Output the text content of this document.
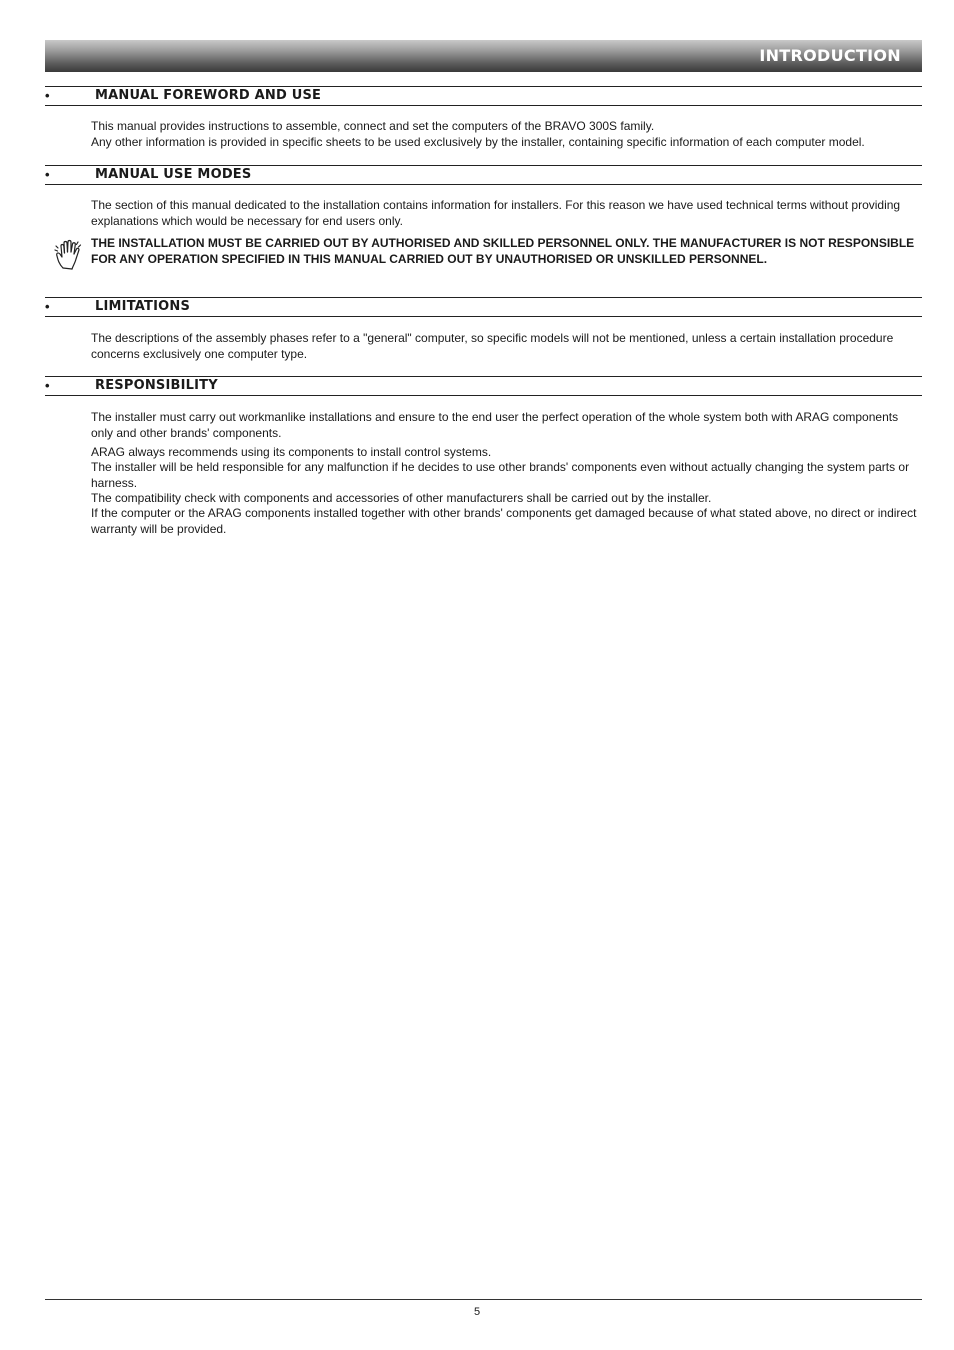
INTRODUCTION
•	MANUAL FOREWORD AND USE

This manual provides instructions to assemble, connect and set the computers of the BRAVO 300S family.

Any other information is provided in specific sheets to be used exclusively by the installer, containing specific information of each computer model.

•	MANUAL USE MODES

The section of this manual dedicated to the installation contains information for installers. For this reason we have used technical terms without providing explanations which would be necessary for end users only.

THE INSTALLATION MUST BE CARRIED OUT BY AUTHORISED AND SKILLED PERSONNEL ONLY. THE MANUFACTURER IS NOT RESPONSIBLE FOR ANY OPERATION SPECIFIED IN THIS MANUAL CARRIED OUT BY UNAUTHORISED OR UNSKILLED PERSONNEL.

•	LIMITATIONS

The descriptions of the assembly phases refer to a "general" computer, so specific models will not be mentioned, unless a certain installation procedure concerns exclusively one computer type.

•	RESPONSIBILITY

The installer must carry out workmanlike installations and ensure to the end user the perfect operation of the whole system both with ARAG components only and other brands' components.

ARAG always recommends using its components to install control systems.

The installer will be held responsible for any malfunction if he decides to use other brands' components even without actually changing the system parts or harness.

The compatibility check with components and accessories of other manufacturers shall be carried out by the installer.

If the computer or the ARAG components installed together with other brands' components get damaged because of what stated above, no direct or indirect warranty will be provided.

5
